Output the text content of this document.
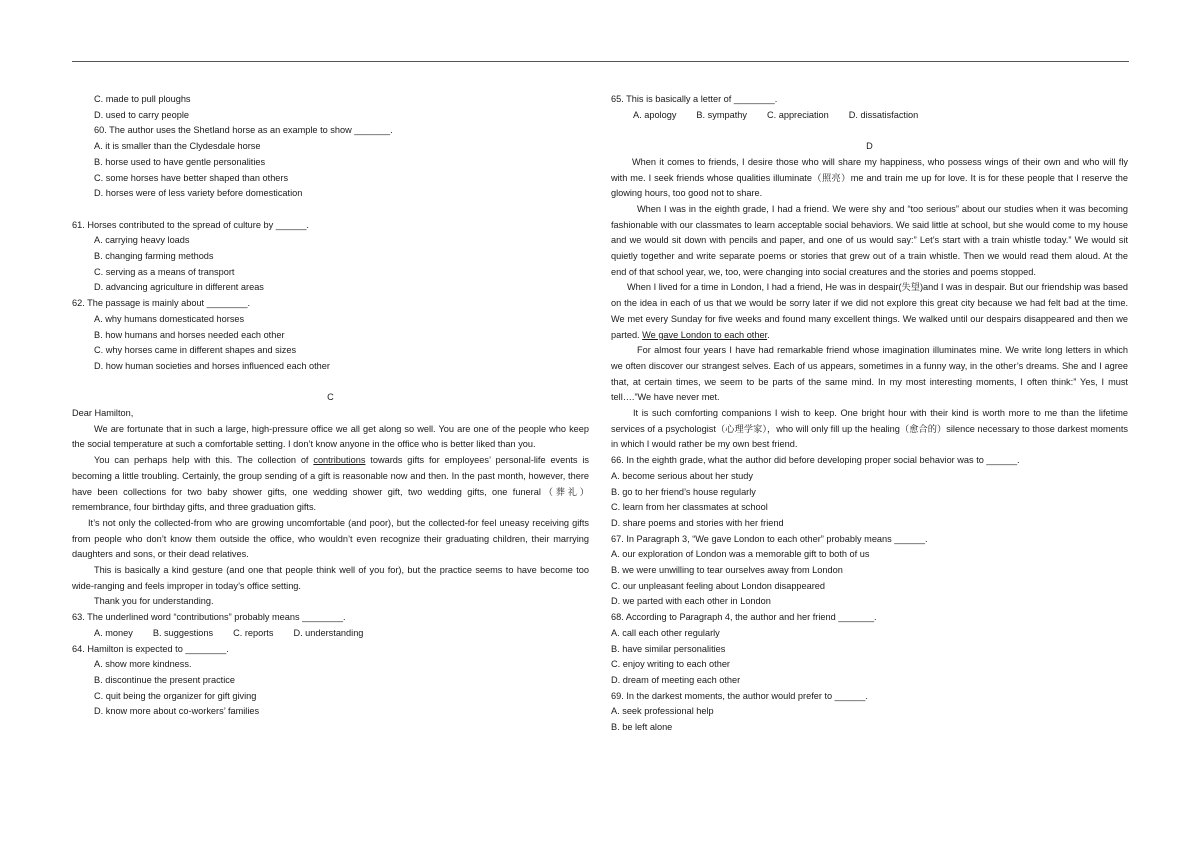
C. made to pull ploughs
D. used to carry people
60. The author uses the Shetland horse as an example to show _______.
A. it is smaller than the Clydesdale horse
B. horse used to have gentle personalities
C. some horses have better shaped than others
D. horses were of less variety before domestication
61. Horses contributed to the spread of culture by ______.
A. carrying heavy loads
B. changing farming methods
C. serving as a means of transport
D. advancing agriculture in different areas
62. The passage is mainly about ________.
A. why humans domesticated horses
B. how humans and horses needed each other
C. why horses came in different shapes and sizes
D. how human societies and horses influenced each other
C
Dear Hamilton,
We are fortunate that in such a large, high-pressure office we all get along so well. You are one of the people who keep the social temperature at such a comfortable setting. I don’t know anyone in the office who is better liked than you.
You can perhaps help with this. The collection of contributions towards gifts for employees’ personal-life events is becoming a little troubling. Certainly, the group sending of a gift is reasonable now and then. In the past month, however, there have been collections for two baby shower gifts, one wedding shower gift, two wedding gifts, one funeral（葬礼）remembrance, four birthday gifts, and three graduation gifts.
It’s not only the collected-from who are growing uncomfortable (and poor), but the collected-for feel uneasy receiving gifts from people who don’t know them outside the office, who wouldn’t even recognize their graduating children, their marrying daughters and sons, or their dead relatives.
This is basically a kind gesture (and one that people think well of you for), but the practice seems to have become too wide-ranging and feels improper in today’s office setting.
Thank you for understanding.
63. The underlined word “contributions” probably means ________.
A. money B. suggestions C. reports D. understanding
64. Hamilton is expected to ________.
A. show more kindness.
B. discontinue the present practice
C. quit being the organizer for gift giving
D. know more about co-workers’ families
65. This is basically a letter of ________.
A. apology B. sympathy C. appreciation D. dissatisfaction
D
When it comes to friends, I desire those who will share my happiness, who possess wings of their own and who will fly with me. I seek friends whose qualities illuminate（照亮）me and train me up for love. It is for these people that I reserve the glowing hours, too good not to share.
When I was in the eighth grade, I had a friend. We were shy and “too serious” about our studies when it was becoming fashionable with our classmates to learn acceptable social behaviors. We said little at school, but she would come to my house and we would sit down with pencils and paper, and one of us would say:” Let’s start with a train whistle today.” We would sit quietly together and write separate poems or stories that grew out of a train whistle. Then we would read them aloud. At the end of that school year, we, too, were changing into social creatures and the stories and poems stopped.
When I lived for a time in London, I had a friend, He was in despair(失望)and I was in despair. But our friendship was based on the idea in each of us that we would be sorry later if we did not explore this great city because we had felt bad at the time. We met every Sunday for five weeks and found many excellent things. We walked until our despairs disappeared and then we parted. We gave London to each other.
For almost four years I have had remarkable friend whose imagination illuminates mine. We write long letters in which we often discover our strangest selves. Each of us appears, sometimes in a funny way, in the other’s dreams. She and I agree that, at certain times, we seem to be parts of the same mind. In my most interesting moments, I often think:” Yes, I must tell….”We have never met.
It is such comforting companions I wish to keep. One bright hour with their kind is worth more to me than the lifetime services of a psychologist（心理学家），who will only fill up the healing（愈合的）silence necessary to those darkest moments in which I would rather be my own best friend.
66. In the eighth grade, what the author did before developing proper social behavior was to ______.
A. become serious about her study
B. go to her friend’s house regularly
C. learn from her classmates at school
D. share poems and stories with her friend
67. In Paragraph 3, “We gave London to each other” probably means ______.
A. our exploration of London was a memorable gift to both of us
B. we were unwilling to tear ourselves away from London
C. our unpleasant feeling about London disappeared
D. we parted with each other in London
68. According to Paragraph 4, the author and her friend _______.
A. call each other regularly
B. have similar personalities
C. enjoy writing to each other
D. dream of meeting each other
69. In the darkest moments, the author would prefer to ______.
A. seek professional help
B. be left alone
